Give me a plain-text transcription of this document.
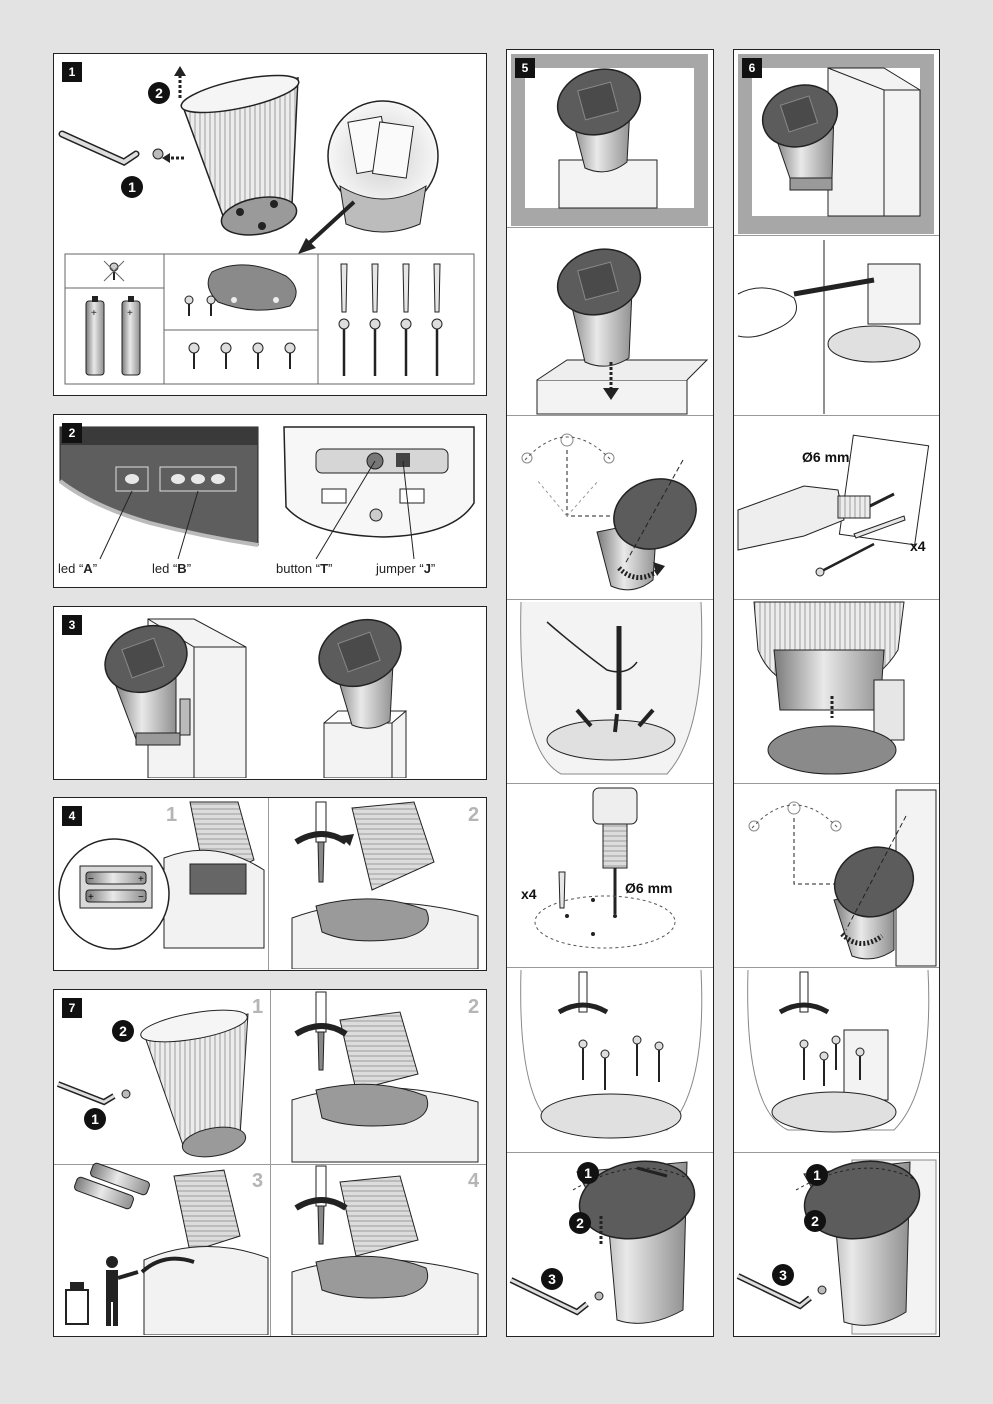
1
2
1
+	+
2
led “A”	led “B”	button “T”	jumper “J”
3
4	1	2
−	+
+	−
7	1	2
3	4
2
1
5
1
2
3
Ø6 mm
x4
6
1
2
3
Ø6 mm
x4
